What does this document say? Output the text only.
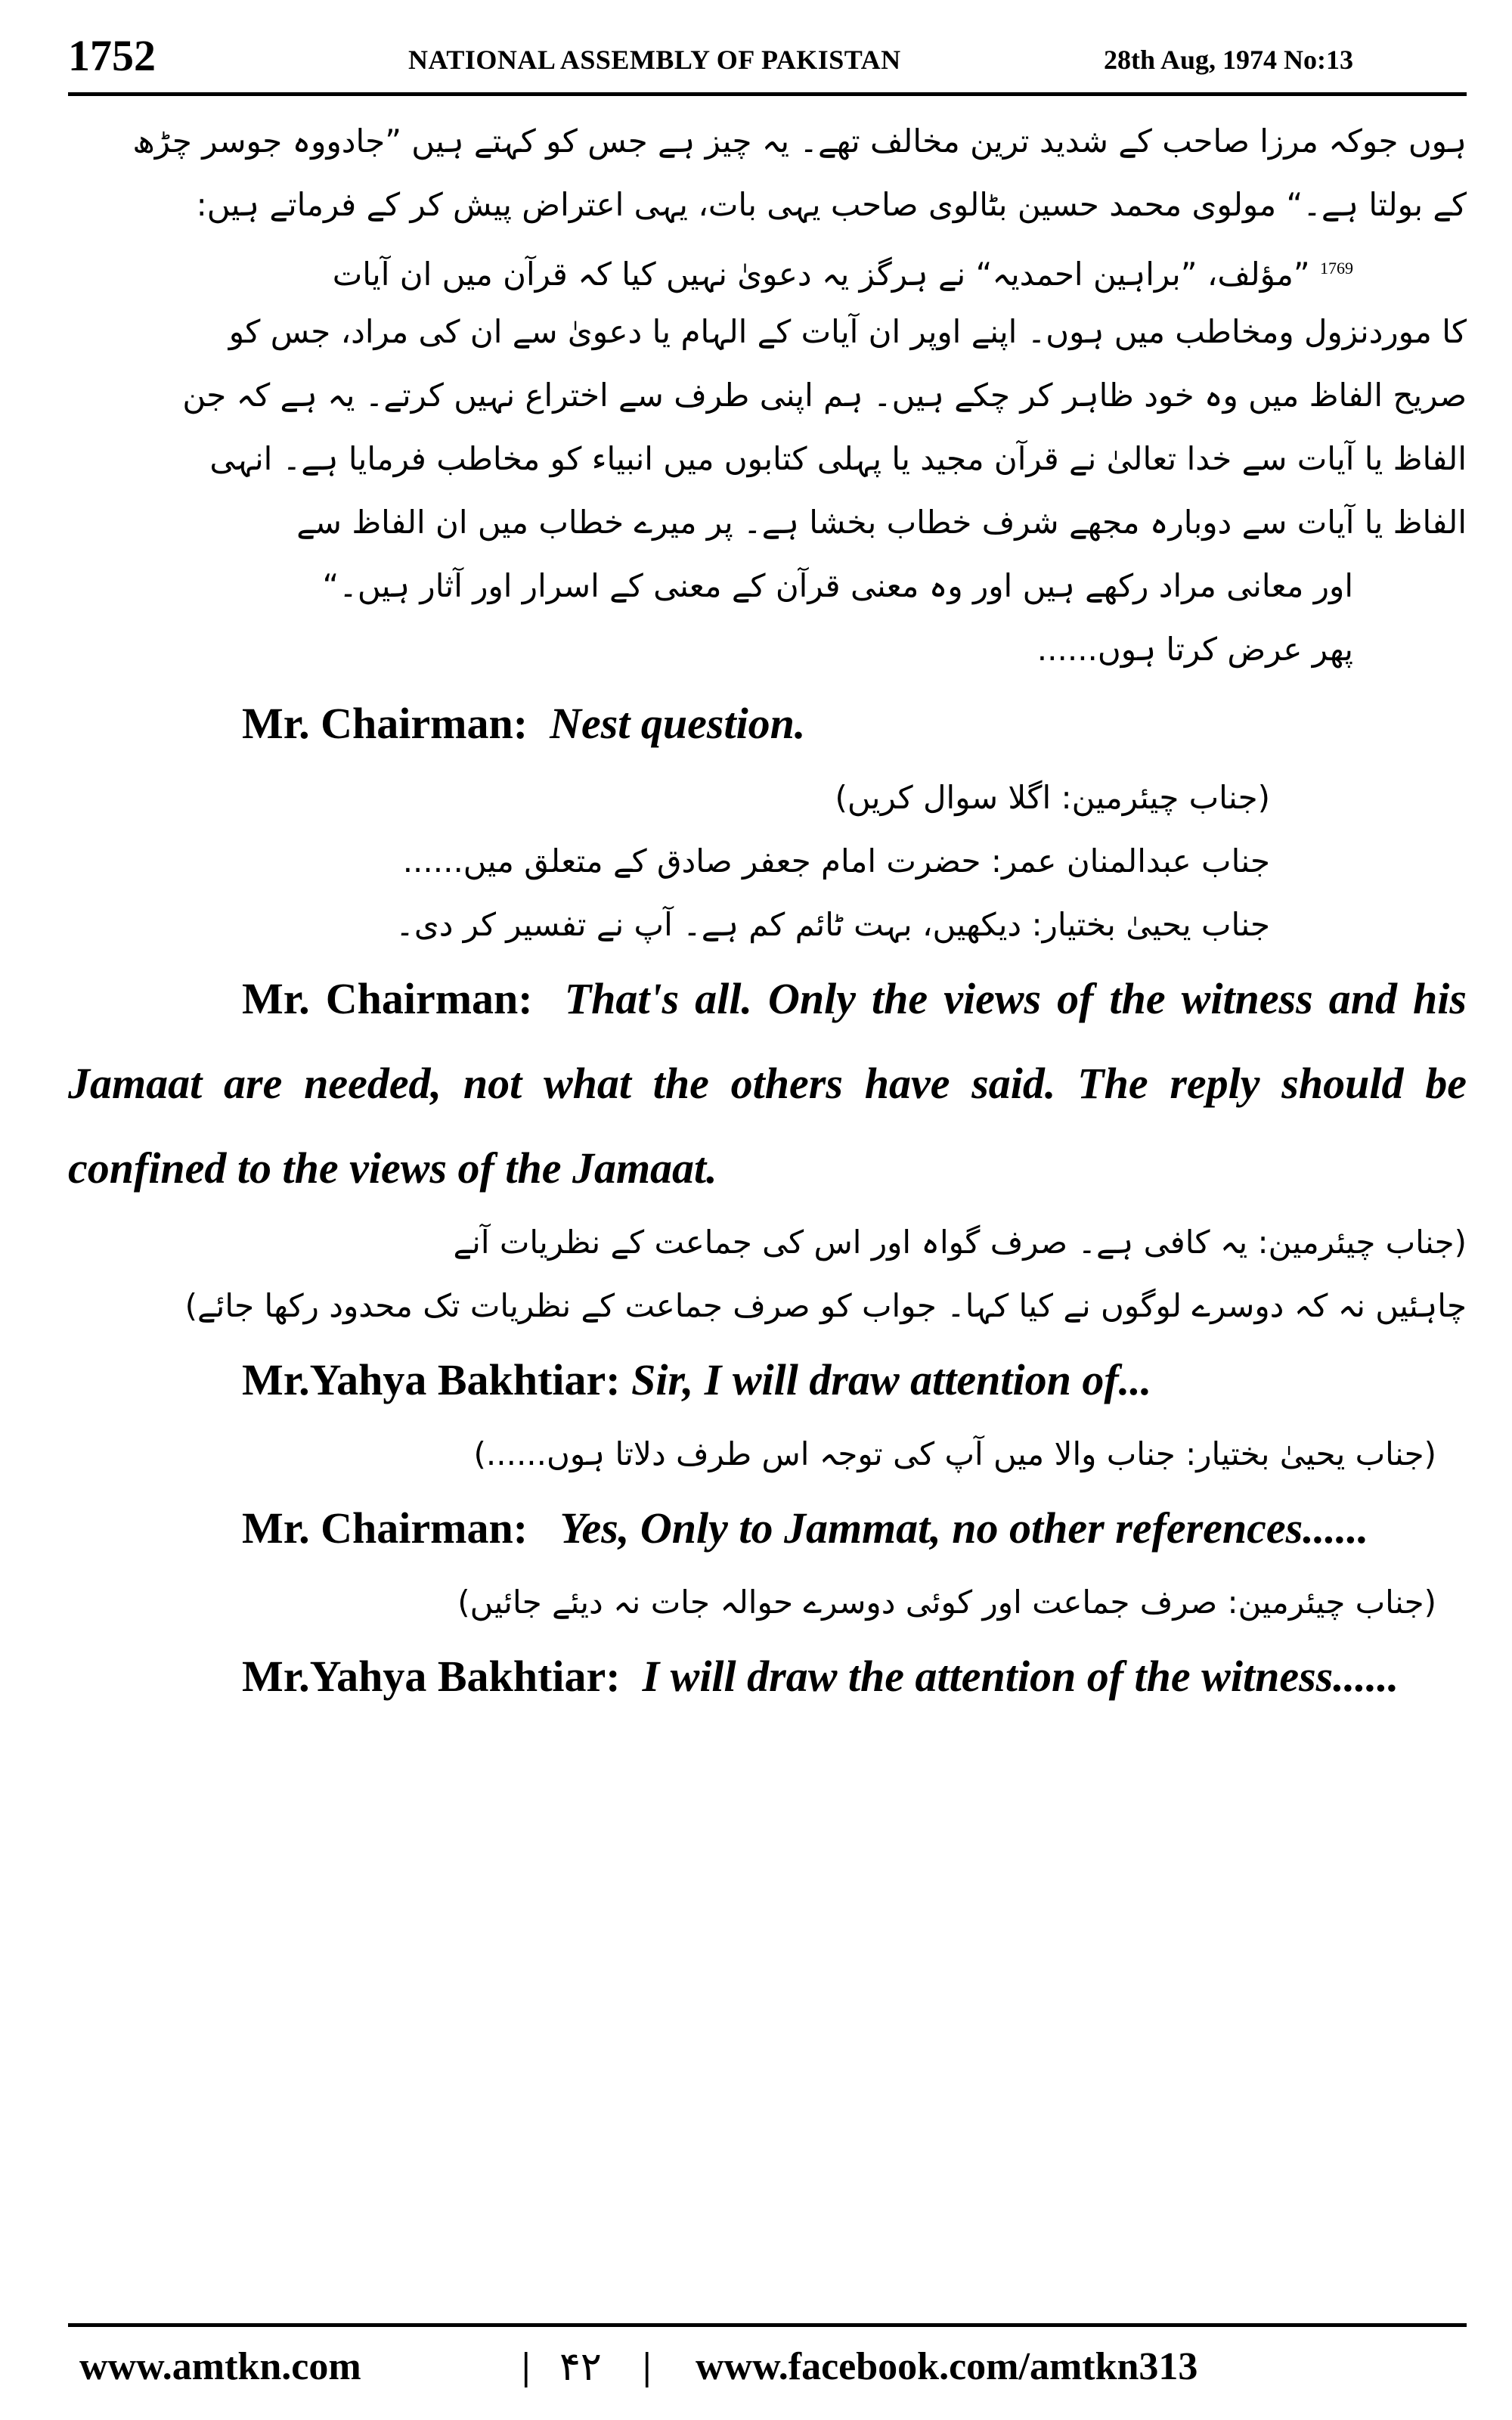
1752	NATIONAL ASSEMBLY OF PAKISTAN	28th Aug, 1974 No:13
ہوں جوکہ مرزا صاحب کے شدید ترین مخالف تھے۔ یہ چیز ہے جس کو کہتے ہیں ”جادووہ جوسر چڑھ
کے بولتا ہے۔“ مولوی محمد حسین بٹالوی صاحب یہی بات، یہی اعتراض پیش کر کے فرماتے ہیں:
$^{1769}$ ”مؤلف، ”براہین احمدیہ“ نے ہرگز یہ دعویٰ نہیں کیا کہ قرآن میں ان آیات
کا موردنزول ومخاطب میں ہوں۔ اپنے اوپر ان آیات کے الہام یا دعویٰ سے ان کی مراد، جس کو
صریح الفاظ میں وہ خود ظاہر کر چکے ہیں۔ ہم اپنی طرف سے اختراع نہیں کرتے۔ یہ ہے کہ جن
الفاظ یا آیات سے خدا تعالیٰ نے قرآن مجید یا پہلی کتابوں میں انبیاء کو مخاطب فرمایا ہے۔ انہی
الفاظ یا آیات سے دوبارہ مجھے شرف خطاب بخشا ہے۔ پر میرے خطاب میں ان الفاظ سے
اور معانی مراد رکھے ہیں اور وہ معنی قرآن کے معنی کے اسرار اور آثار ہیں۔“
پھر عرض کرتا ہوں......

Mr. Chairman: Nest question.

(جناب چیئرمین: اگلا سوال کریں)
جناب عبدالمنان عمر: حضرت امام جعفر صادق کے متعلق میں......
جناب یحییٰ بختیار: دیکھیں، بہت ٹائم کم ہے۔ آپ نے تفسیر کر دی۔

Mr. Chairman: That's all. Only the views of the witness and his Jamaat are needed, not what the others have said. The reply should be confined to the views of the Jamaat.

(جناب چیئرمین: یہ کافی ہے۔ صرف گواہ اور اس کی جماعت کے نظریات آنے
چاہئیں نہ کہ دوسرے لوگوں نے کیا کہا۔ جواب کو صرف جماعت کے نظریات تک محدود رکھا جائے)

Mr.Yahya Bakhtiar: Sir, I will draw attention of...

(جناب یحییٰ بختیار: جناب والا میں آپ کی توجہ اس طرف دلاتا ہوں......)

Mr. Chairman: Yes, Only to Jammat, no other references......

(جناب چیئرمین: صرف جماعت اور کوئی دوسرے حوالہ جات نہ دیئے جائیں)

Mr.Yahya Bakhtiar: I will draw the attention of the witness......

www.amtkn.com	| ۴۲ | www.facebook.com/amtkn313
